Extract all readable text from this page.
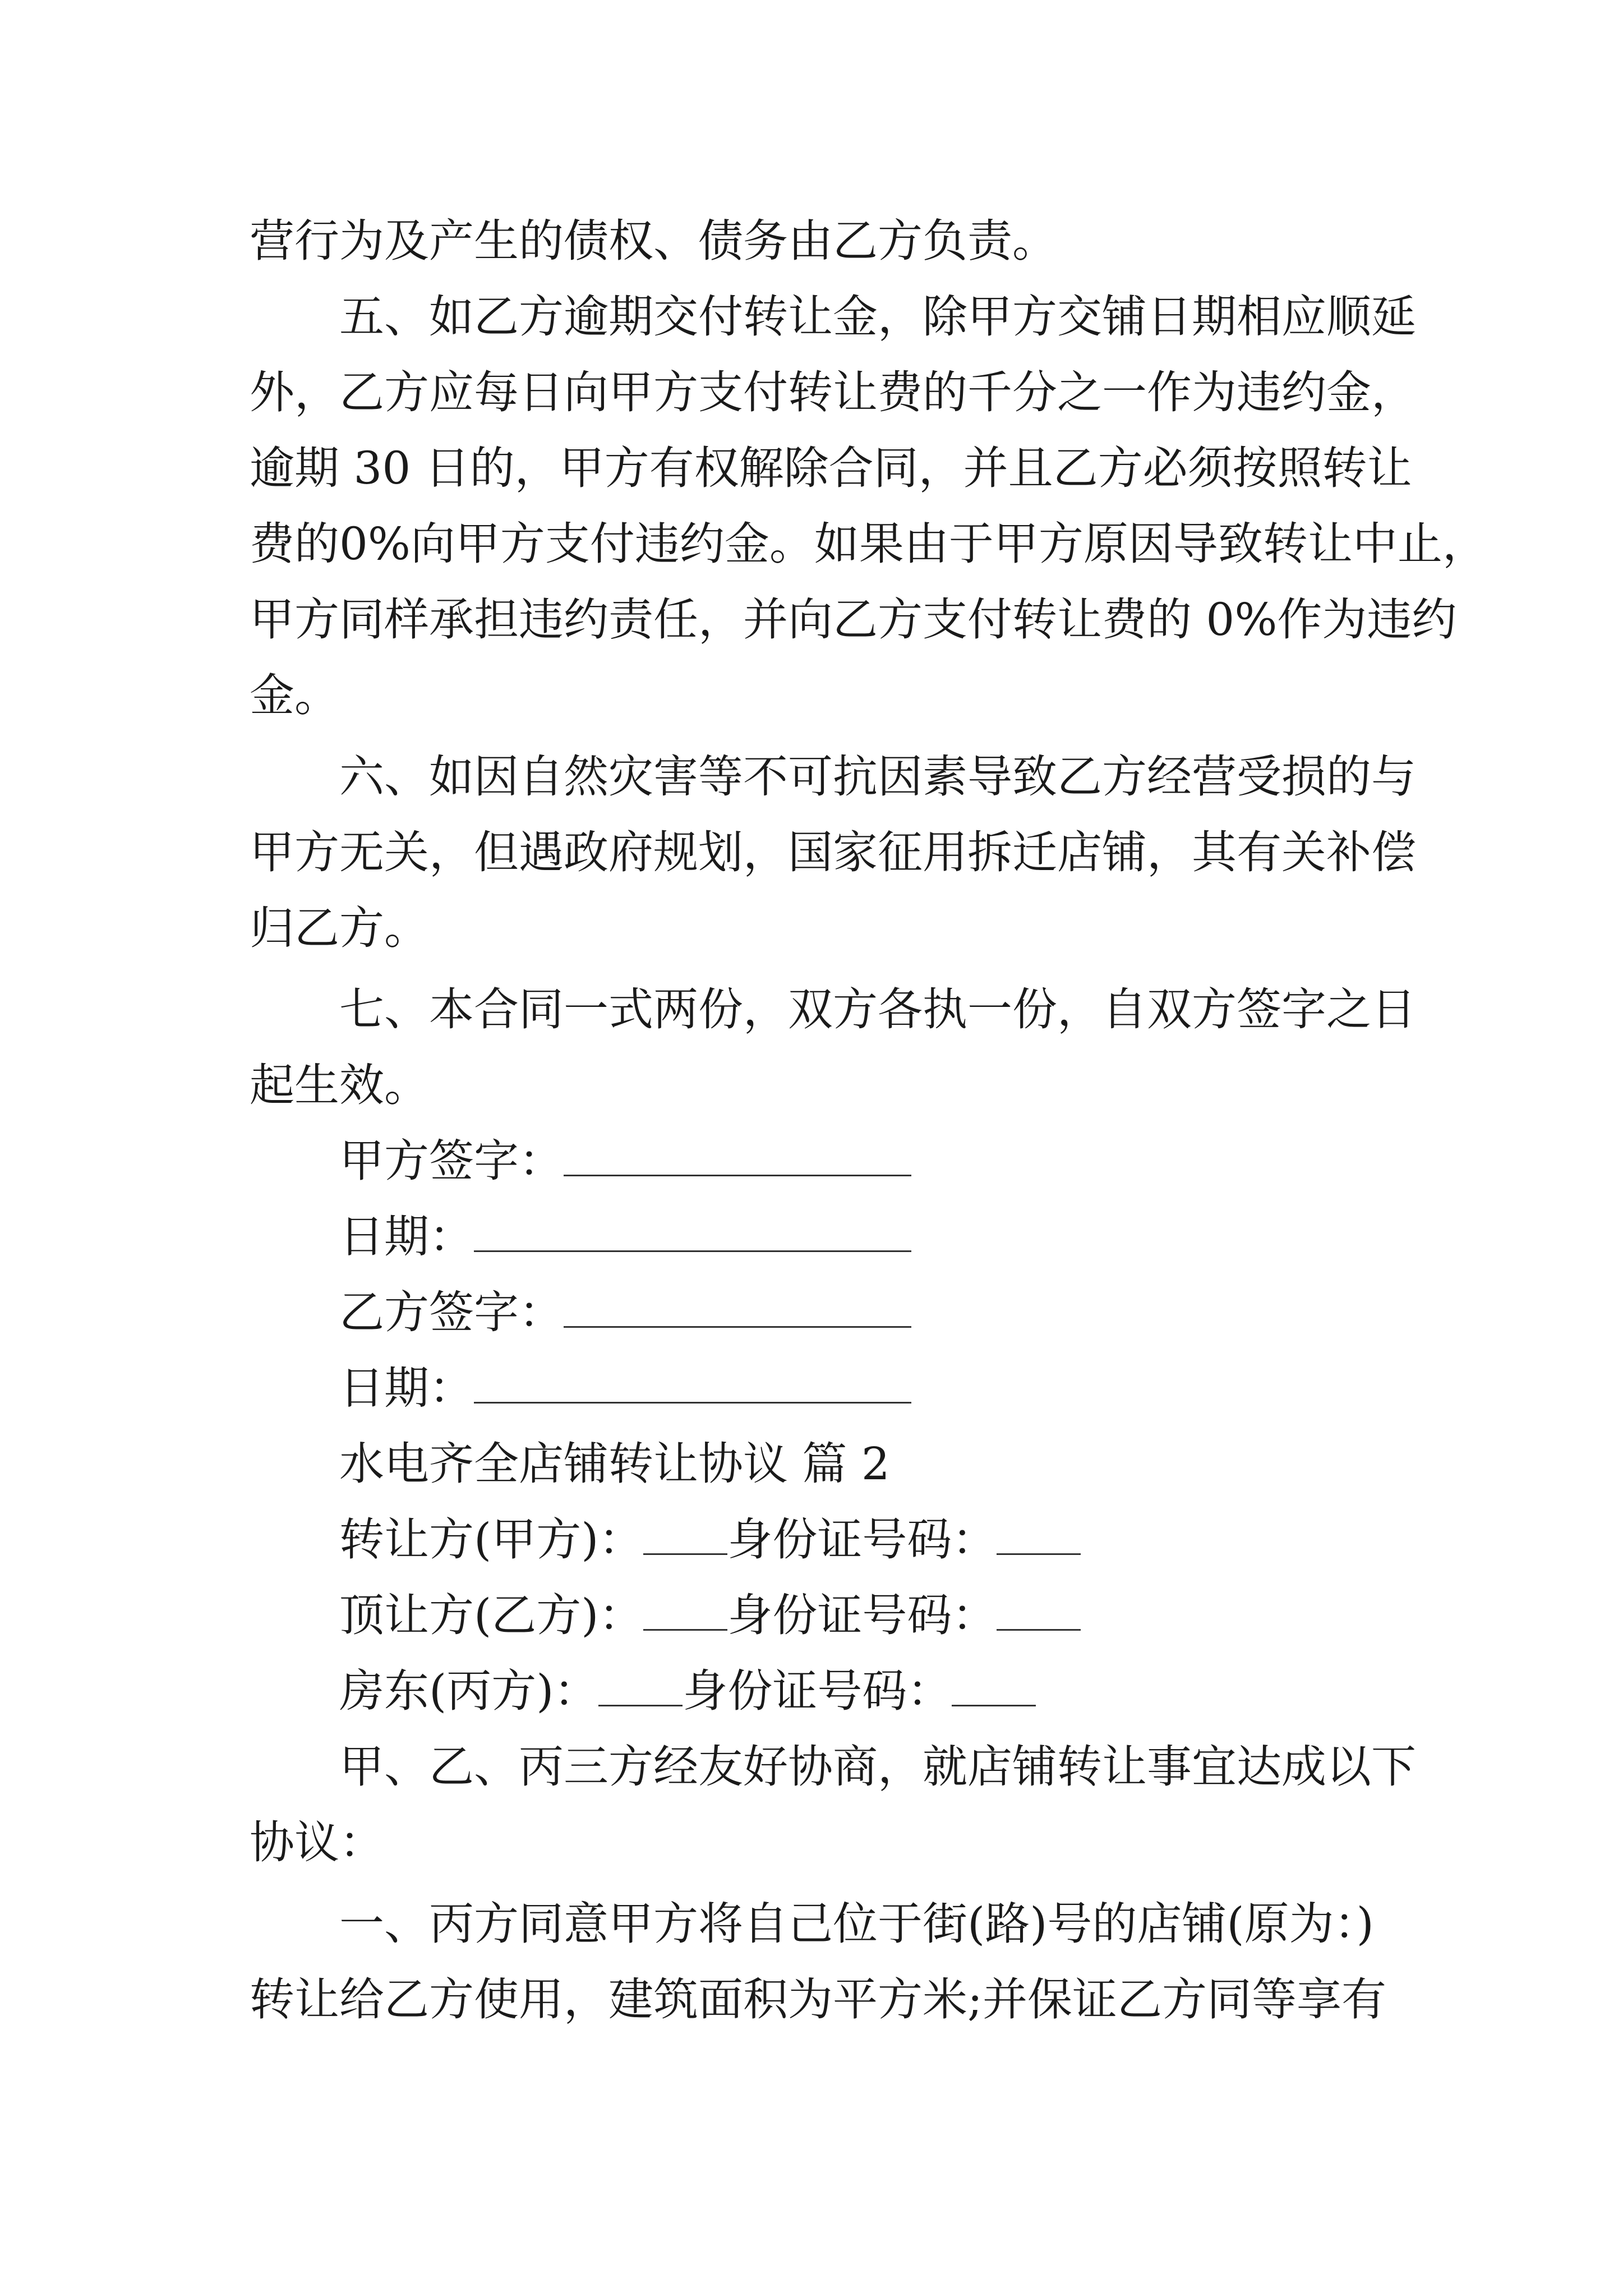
营行为及产生的债权、债务由乙方负责。
五、如乙方逾期交付转让金，除甲方交铺日期相应顺延
外，乙方应每日向甲方支付转让费的千分之一作为违约金，
逾期 30 日的，甲方有权解除合同，并且乙方必须按照转让
费的0%向甲方支付违约金。如果由于甲方原因导致转让中止，
甲方同样承担违约责任，并向乙方支付转让费的 0%作为违约
金。
六、如因自然灾害等不可抗因素导致乙方经营受损的与
甲方无关，但遇政府规划，国家征用拆迁店铺，其有关补偿
归乙方。
七、本合同一式两份，双方各执一份，自双方签字之日
起生效。
甲方签字：
日期：
乙方签字：
日期：
水电齐全店铺转让协议 篇 2
转让方(甲方)： 身份证号码：
顶让方(乙方)： 身份证号码：
房东(丙方)： 身份证号码：
甲、乙、丙三方经友好协商，就店铺转让事宜达成以下
协议：
一、丙方同意甲方将自己位于街(路)号的店铺(原为：)
转让给乙方使用，建筑面积为平方米;并保证乙方同等享有
